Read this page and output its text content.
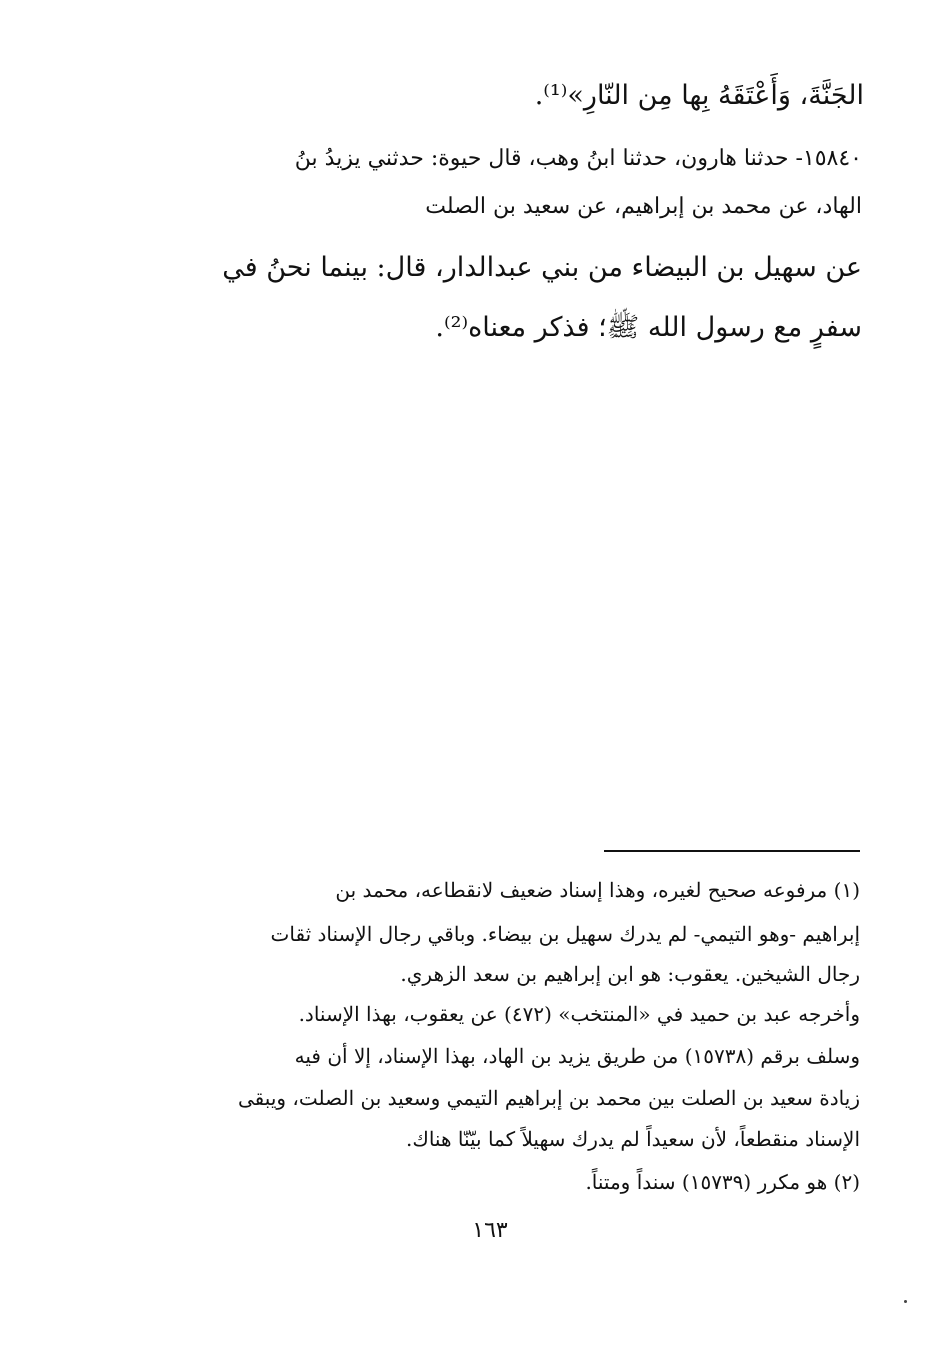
الجَنَّةَ، وَأَعْتَقَهُ بِها مِن النّارِ»⁽¹⁾.
١٥٨٤٠- حدثنا هارون، حدثنا ابنُ وهب، قال حيوة: حدثني يزيدُ بنُ
الهاد، عن محمد بن إبراهيم، عن سعيد بن الصلت
عن سهيل بن البيضاء من بني عبدالدار، قال: بينما نحنُ في
سفرٍ مع رسول الله ﷺ؛ فذكر معناه⁽²⁾.
(١) مرفوعه صحيح لغيره، وهذا إسناد ضعيف لانقطاعه، محمد بن
إبراهيم -وهو التيمي- لم يدرك سهيل بن بيضاء. وباقي رجال الإسناد ثقات
رجال الشيخين. يعقوب: هو ابن إبراهيم بن سعد الزهري.
وأخرجه عبد بن حميد في «المنتخب» (٤٧٢) عن يعقوب، بهذا الإسناد.
وسلف برقم (١٥٧٣٨) من طريق يزيد بن الهاد، بهذا الإسناد، إلا أن فيه
زيادة سعيد بن الصلت بين محمد بن إبراهيم التيمي وسعيد بن الصلت، ويبقى
الإسناد منقطعاً، لأن سعيداً لم يدرك سهيلاً كما بيّنّا هناك.
(٢) هو مكرر (١٥٧٣٩) سنداً ومتناً.
١٦٣
